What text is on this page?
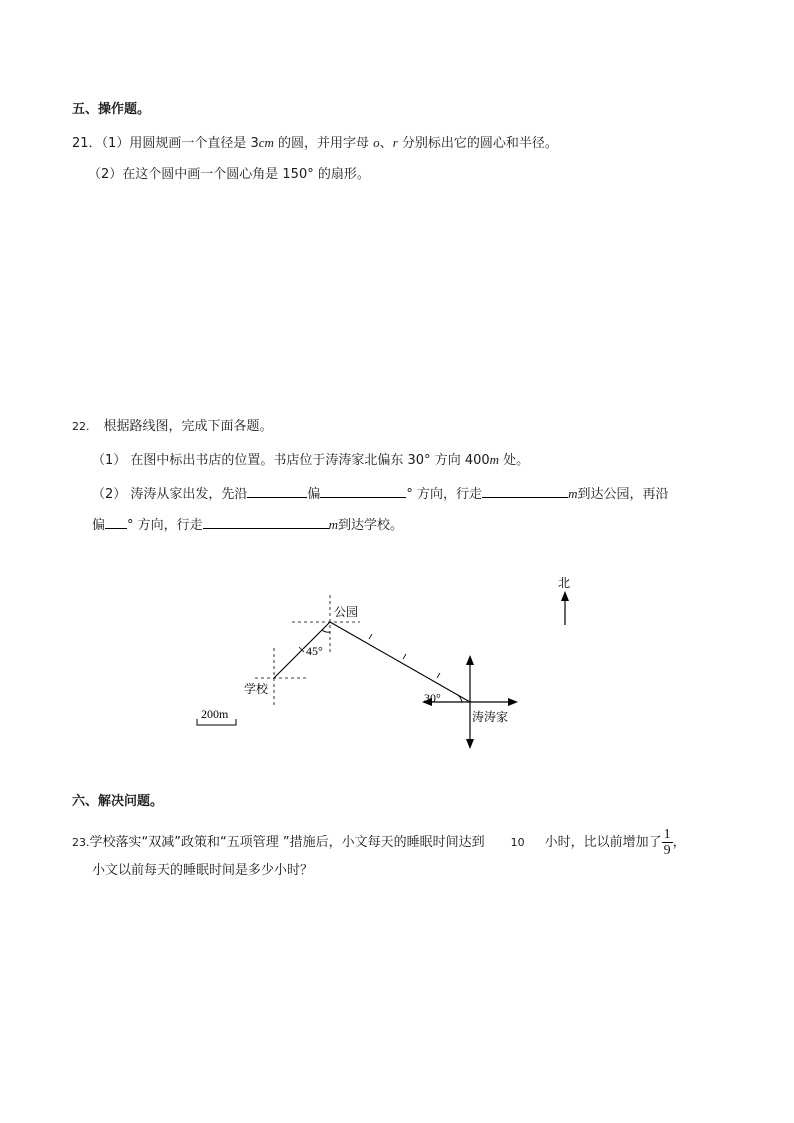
五、操作题。
21．（1）用圆规画一个直径是 3cm 的圆，并用字母 o、r 分别标出它的圆心和半径。
（2）在这个圆中画一个圆心角是 150° 的扇形。
22. 根据路线图，完成下面各题。
（1） 在图中标出书店的位置。书店位于涛涛家北偏东 30° 方向 400m 处。
（2） 涛涛从家出发，先沿	偏	° 方向，行走	m到达公园，再沿
偏 ° 方向，行走	m到达学校。
北
公园
学校
涛涛家
45°
30°
200m
六、解决问题。
23.学校落实“双减”政策和“五项管理 ”措施后，小文每天的睡眠时间达到 10 小时，比以前增加了 $\frac{1}{9}$ ，
小文以前每天的睡眠时间是多少小时？
